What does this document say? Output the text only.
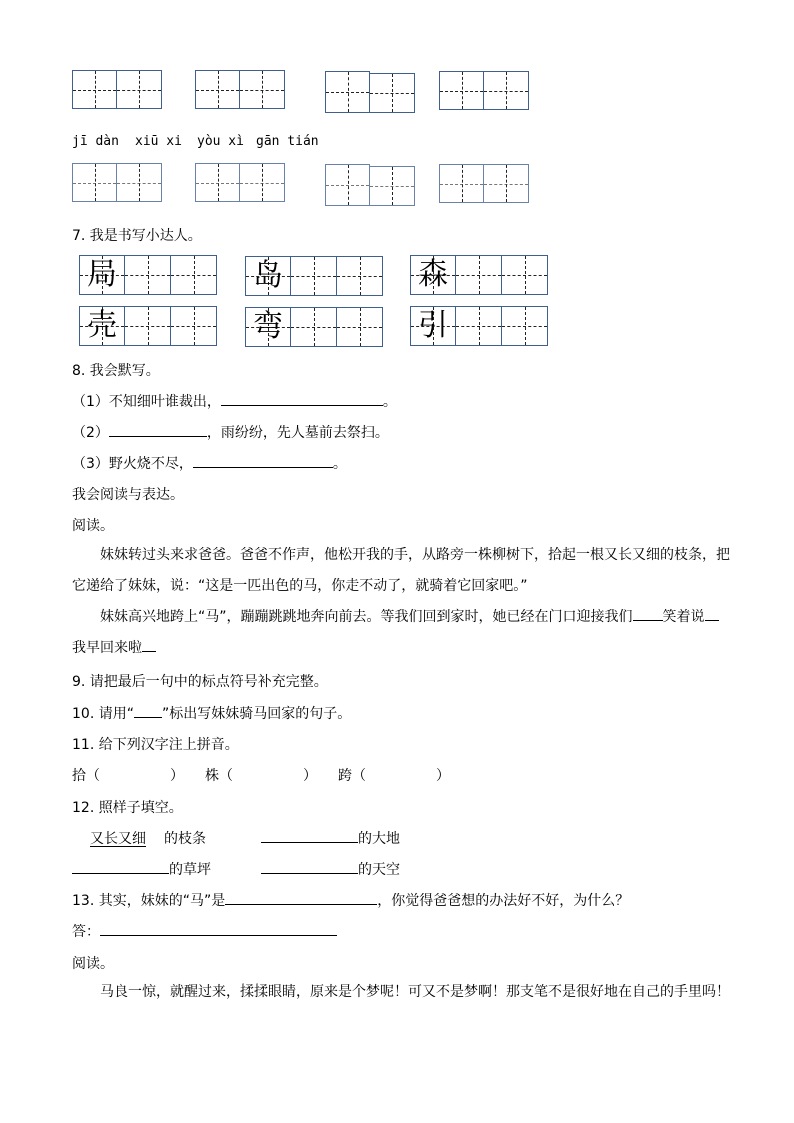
jī dàn xiū xi yòu xì gān tián
7. 我是书写小达人。
局	岛	森
壳	弯	引
8. 我会默写。
（1）不知细叶谁裁出，	。
（2）	，雨纷纷，先人墓前去祭扫。
（3）野火烧不尽，	。
我会阅读与表达。
阅读。
妹妹转过头来求爸爸。爸爸不作声，他松开我的手，从路旁一株柳树下，拾起一根又长又细的枝条，把它递给了妹妹，说：“这是一匹出色的马，你走不动了，就骑着它回家吧。”
妹妹高兴地跨上“马”，蹦蹦跳跳地奔向前去。等我们回到家时，她已经在门口迎接我们 笑着说我早回来啦
9. 请把最后一句中的标点符号补充完整。
10. 请用“ ”标出写妹妹骑马回家的句子。
11. 给下列汉字注上拼音。
拾（	） 株（	） 跨（	）
12. 照样子填空。
又长又细 的枝条	的大地
的草坪	的天空
13. 其实，妹妹的“马”是	，你觉得爸爸想的办法好不好，为什么？
答：
阅读。
马良一惊，就醒过来，揉揉眼睛，原来是个梦呢！可又不是梦啊！那支笔不是很好地在自己的手里吗！
